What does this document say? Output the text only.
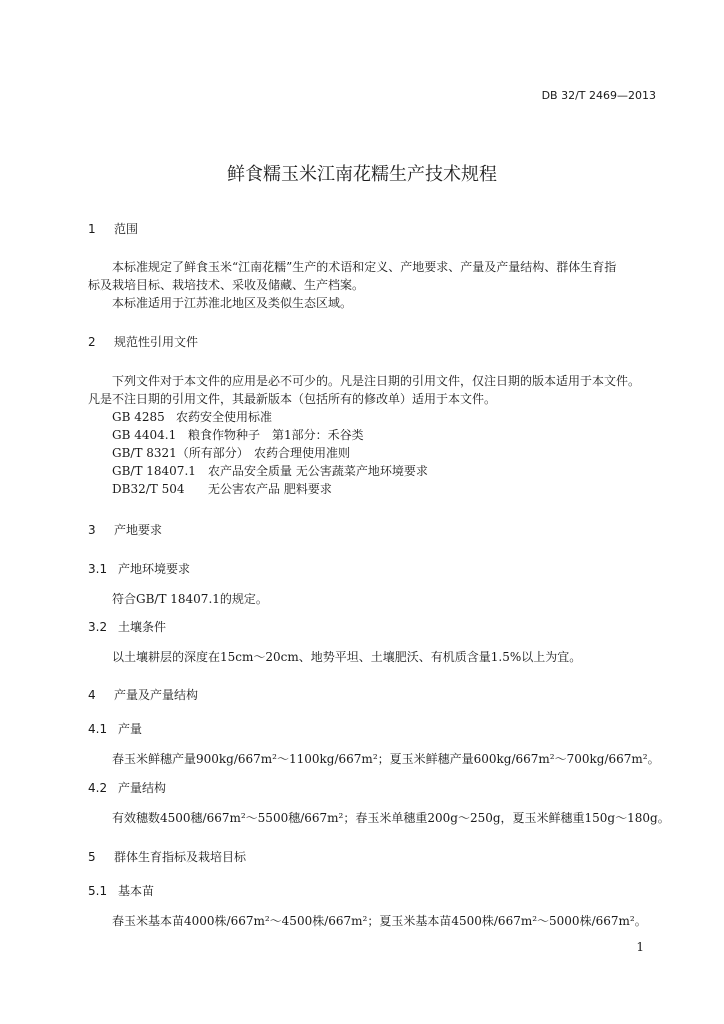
DB 32/T 2469—2013
鲜食糯玉米江南花糯生产技术规程
1 范围
本标准规定了鲜食玉米“江南花糯”生产的术语和定义、产地要求、产量及产量结构、群体生育指
标及栽培目标、栽培技术、采收及储藏、生产档案。
本标准适用于江苏淮北地区及类似生态区域。
2 规范性引用文件
下列文件对于本文件的应用是必不可少的。凡是注日期的引用文件，仅注日期的版本适用于本文件。
凡是不注日期的引用文件，其最新版本（包括所有的修改单）适用于本文件。
GB 4285 农药安全使用标准
GB 4404.1 粮食作物种子　第1部分：禾谷类
GB/T 8321（所有部分） 农药合理使用准则
GB/T 18407.1 农产品安全质量 无公害蔬菜产地环境要求
DB32/T 504 无公害农产品 肥料要求
3 产地要求
3.1 产地环境要求
符合GB/T 18407.1的规定。
3.2 土壤条件
以土壤耕层的深度在15cm～20cm、地势平坦、土壤肥沃、有机质含量1.5%以上为宜。
4 产量及产量结构
4.1 产量
春玉米鲜穗产量900kg/667m²～1100kg/667m²；夏玉米鲜穗产量600kg/667m²～700kg/667m²。
4.2 产量结构
有效穗数4500穗/667m²～5500穗/667m²；春玉米单穗重200g～250g，夏玉米鲜穗重150g～180g。
5 群体生育指标及栽培目标
5.1 基本苗
春玉米基本苗4000株/667m²～4500株/667m²；夏玉米基本苗4500株/667m²～5000株/667m²。
1
